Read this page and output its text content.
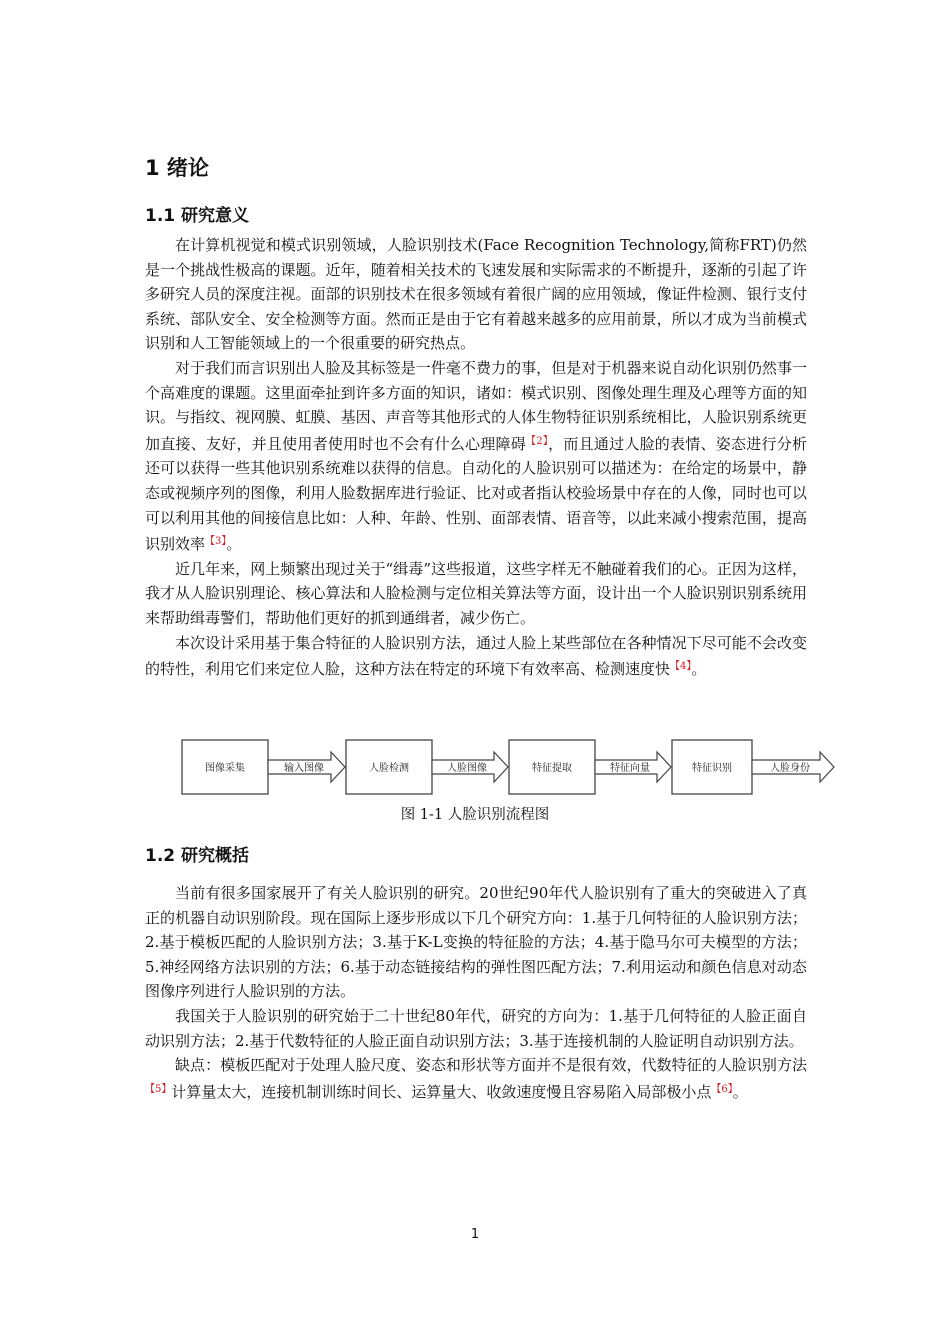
1 绪论
1.1 研究意义

在计算机视觉和模式识别领域，人脸识别技术(Face Recognition Technology,简称FRT)仍然是一个挑战性极高的课题。近年，随着相关技术的飞速发展和实际需求的不断提升，逐渐的引起了许多研究人员的深度注视。面部的识别技术在很多领域有着很广阔的应用领域，像证件检测、银行支付系统、部队安全、安全检测等方面。然而正是由于它有着越来越多的应用前景，所以才成为当前模式识别和人工智能领域上的一个很重要的研究热点。

对于我们而言识别出人脸及其标签是一件毫不费力的事，但是对于机器来说自动化识别仍然事一个高难度的课题。这里面牵扯到许多方面的知识，诸如：模式识别、图像处理生理及心理等方面的知识。与指纹、视网膜、虹膜、基因、声音等其他形式的人体生物特征识别系统相比，人脸识别系统更加直接、友好，并且使用者使用时也不会有什么心理障碍$^{【2】}$，而且通过人脸的表情、姿态进行分析还可以获得一些其他识别系统难以获得的信息。自动化的人脸识别可以描述为：在给定的场景中，静态或视频序列的图像，利用人脸数据库进行验证、比对或者指认校验场景中存在的人像，同时也可以可以利用其他的间接信息比如：人种、年龄、性别、面部表情、语音等，以此来减小搜索范围，提高识别效率$^{【3】}$。

近几年来，网上频繁出现过关于“缉毒”这些报道，这些字样无不触碰着我们的心。正因为这样，我才从人脸识别理论、核心算法和人脸检测与定位相关算法等方面，设计出一个人脸识别识别系统用来帮助缉毒警们，帮助他们更好的抓到通缉者，减少伤亡。

本次设计采用基于集合特征的人脸识别方法，通过人脸上某些部位在各种情况下尽可能不会改变的特性，利用它们来定位人脸，这种方法在特定的环境下有效率高、检测速度快$^{【4】}$。

图像采集	人脸检测	特征提取	特征识别
输入图像	人脸图像	特征向量	人脸身份
图 1-1 人脸识别流程图
1.2 研究概括

当前有很多国家展开了有关人脸识别的研究。20世纪90年代人脸识别有了重大的突破进入了真正的机器自动识别阶段。现在国际上逐步形成以下几个研究方向：1.基于几何特征的人脸识别方法；2.基于模板匹配的人脸识别方法；3.基于K-L变换的特征脸的方法；4.基于隐马尔可夫模型的方法；5.神经网络方法识别的方法；6.基于动态链接结构的弹性图匹配方法；7.利用运动和颜色信息对动态图像序列进行人脸识别的方法。

我国关于人脸识别的研究始于二十世纪80年代，研究的方向为：1.基于几何特征的人脸正面自动识别方法；2.基于代数特征的人脸正面自动识别方法；3.基于连接机制的人脸证明自动识别方法。

缺点：模板匹配对于处理人脸尺度、姿态和形状等方面并不是很有效，代数特征的人脸识别方法$^{【5】}$计算量太大，连接机制训练时间长、运算量大、收敛速度慢且容易陷入局部极小点$^{【6】}$。

1
